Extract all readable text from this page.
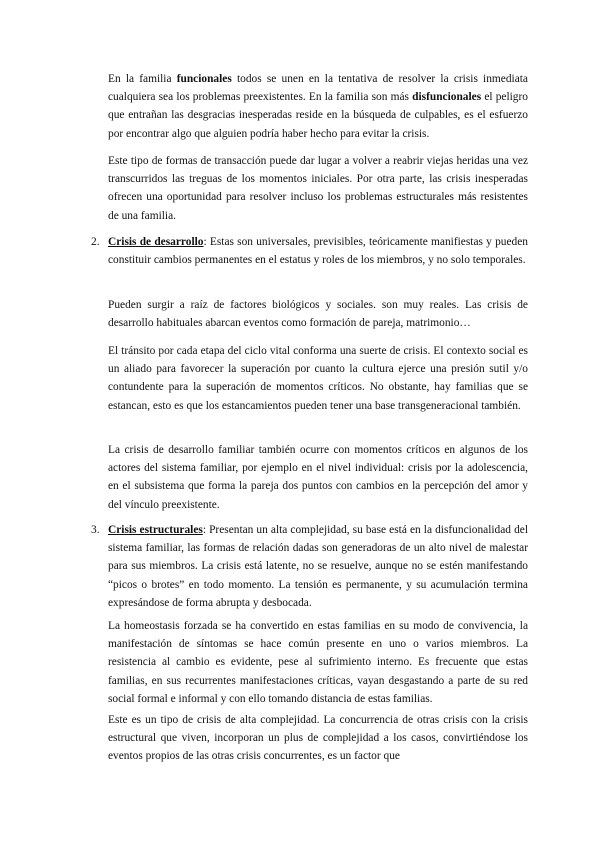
En la familia funcionales todos se unen en la tentativa de resolver la crisis inmediata cualquiera sea los problemas preexistentes. En la familia son más disfuncionales el peligro que entrañan las desgracias inesperadas reside en la búsqueda de culpables, es el esfuerzo por encontrar algo que alguien podría haber hecho para evitar la crisis.

Este tipo de formas de transacción puede dar lugar a volver a reabrir viejas heridas una vez transcurridos las treguas de los momentos iniciales. Por otra parte, las crisis inesperadas ofrecen una oportunidad para resolver incluso los problemas estructurales más resistentes de una familia.

2. Crisis de desarrollo: Estas son universales, previsibles, teóricamente manifiestas y pueden constituir cambios permanentes en el estatus y roles de los miembros, y no solo temporales.

Pueden surgir a raíz de factores biológicos y sociales. son muy reales. Las crisis de desarrollo habituales abarcan eventos como formación de pareja, matrimonio…

El tránsito por cada etapa del ciclo vital conforma una suerte de crisis. El contexto social es un aliado para favorecer la superación por cuanto la cultura ejerce una presión sutil y/o contundente para la superación de momentos críticos. No obstante, hay familias que se estancan, esto es que los estancamientos pueden tener una base transgeneracional también.

La crisis de desarrollo familiar también ocurre con momentos críticos en algunos de los actores del sistema familiar, por ejemplo en el nivel individual: crisis por la adolescencia, en el subsistema que forma la pareja dos puntos con cambios en la percepción del amor y del vínculo preexistente.

3. Crisis estructurales: Presentan un alta complejidad, su base está en la disfuncionalidad del sistema familiar, las formas de relación dadas son generadoras de un alto nivel de malestar para sus miembros. La crisis está latente, no se resuelve, aunque no se estén manifestando “picos o brotes” en todo momento. La tensión es permanente, y su acumulación termina expresándose de forma abrupta y desbocada.

La homeostasis forzada se ha convertido en estas familias en su modo de convivencia, la manifestación de síntomas se hace común presente en uno o varios miembros. La resistencia al cambio es evidente, pese al sufrimiento interno. Es frecuente que estas familias, en sus recurrentes manifestaciones críticas, vayan desgastando a parte de su red social formal e informal y con ello tomando distancia de estas familias.

Este es un tipo de crisis de alta complejidad. La concurrencia de otras crisis con la crisis estructural que viven, incorporan un plus de complejidad a los casos, convirtiéndose los eventos propios de las otras crisis concurrentes, es un factor que
